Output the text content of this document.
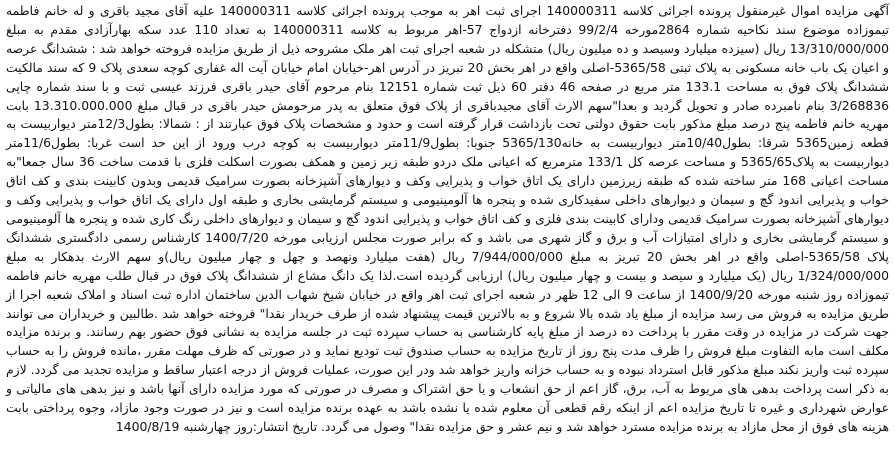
آگهی مزایده اموال غیرمنقول پرونده اجرائی کلاسه 140000311 اجرای ثبت اهر به موجب پرونده اجرائی کلاسه 140000311 علیه آقای مجید باقری و له خانم فاطمه تیموزاده موضوع سند نکاحیه شماره 2864مورخه 99/2/4 دفترخانه ازدواج 57-اهر مربوط به کلاسه 140000311 به تعداد 110 عدد سکه بهارآزادی مقدم به مبلغ 13/310/000/000 ریال (سیزده میلیارد وسیصد و ده میلیون ریال) متشکله در شعبه اجرای ثبت اهر ملک مشروحه ذیل از طریق مزایده فروخته خواهد شد : ششدانگ عرصه و اعیان یک باب خانه مسکونی به پلاک ثبتی 5365/58-اصلی واقع در اهر بخش 20 تبریز در آدرس اهر-خیابان امام خیابان آیت اله غفاری کوچه سعدی پلاک 9 که سند مالکیت ششدانگ پلاک فوق به مساحت 133.1 متر مربع در صفحه 46 دفتر 60 ذیل ثبت شماره 12151 بنام مرحوم آقای حیدر باقری فرزند عیسی ثبت و با سند شماره چاپی 3/268836 بنام نامبرده صادر و تحویل گردید و بعدا"سهم الارث آقای مجیدباقری از پلاک فوق متعلق به پدر مرحومش حیدر باقری در قبال مبلغ 13.310.000.000 بابت مهریه خانم فاطمه پنج درصد مبلغ مذکور بابت حقوق دولتی تحت بازداشت قرار گرفته است و حدود و مشخصات پلاک فوق عبارتند از : شمالا: بطول12/3متر دیواربیست به قطعه زمین5365 شرقا: بطول10/40متر دیواربیست به خانه5365/130 جنوبا: بطول11/9متر دیواربیست به کوچه درب ورود از این حد است غربا: بطول11/6متر دیواربیست به پلاک5365/65 و مساحت عرصه کل 133/1 مترمربع که اعیانی ملک دردو طبقه زیر زمین و همکف بصورت اسکلت فلزی با قدمت ساخت 36 سال جمعا"به مساحت اعیانی 168 متر ساخته شده که طبقه زیرزمین دارای یک اتاق خواب و پذیرایی وکف و دیوارهای آشپزخانه بصورت سرامیک قدیمی وبدون کابینت بندی و کف اتاق خواب و پذیرایی اندود گچ و سیمان و دیوارهای داخلی سفیدکاری شده و پنجره ها آلومینیومی و سیستم گرمایشی بخاری و طبقه اول دارای یک اتاق خواب و پذیرایی وکف و دیوارهای آشپزخانه بصورت سرامیک قدیمی ودارای کابینت بندی فلزی و کف اتاق خواب و پذیرایی اندود گچ و سیمان و دیوارهای داخلی رنگ کاری شده و پنجره ها آلومینیومی و سیستم گرمایشی بخاری و دارای امتیازات آب و برق و گاز شهری می باشد و که برابر صورت مجلس ارزیابی مورخه 1400/7/20 کارشناس رسمی دادگستری ششدانگ پلاک 5365/58-اصلی واقع در اهر بخش 20 تبریز به مبلغ 7/944/000/000 ریال (هفت میلیارد ونهصد و چهل و چهار میلیون ریال)و سهم الارث بدهکار به مبلغ 1/324/000/000 ریال (یک میلیارد و سیصد و بیست و چهار میلیون ریال) ارزیابی گردیده است.لذا یک دانگ مشاع از ششدانگ پلاک فوق در قبال طلب مهریه خانم فاطمه تیموزاده روز شنبه مورخه 1400/9/20 از ساعت 9 الی 12 ظهر در شعبه اجرای ثبت اهر واقع در خیابان شیخ شهاب الدین ساختمان اداره ثبت اسناد و املاک شعبه اجرا از طریق مزایده به فروش می رسد مزایده از مبلغ یاد شده بالا شروع و به بالاترین قیمت پیشنهاد شده از طرف خریدار نقدا" فروخته خواهد شد .طالبین و خریداران می توانند جهت شرکت در مزایده در وقت مقرر با پرداخت ده درصد از مبلغ پایه کارشناسی به حساب سپرده ثبت در جلسه مزایده به نشانی فوق حضور بهم رسانند. و برنده مزایده مکلف است مابه التفاوت مبلغ فروش را ظرف مدت پنج روز از تاریخ مزایده به حساب صندوق ثبت تودیع نماید و در صورتی که ظرف مهلت مقرر ،مانده فروش را به حساب سپرده ثبت واریز نکند مبلغ مذکور قابل استرداد نبوده و به حساب خزانه واریز خواهد شد ودر این صورت، عملیات فروش از درجه اعتبار ساقط و مزایده تجدید می گردد. لازم به ذکر است پرداخت بدهی های مربوط به آب، برق، گاز اعم از حق انشعاب و یا حق اشتراک و مصرف در صورتی که مورد مزایده دارای آنها باشد و نیز بدهی های مالیاتی و عوارض شهرداری و غیره تا تاریخ مزایده اعم از اینکه رقم قطعی آن معلوم شده یا نشده باشد به عهده برنده مزایده است و نیز در صورت وجود مازاد، وجوه پرداختی بابت هزینه های فوق از محل مازاد به برنده مزایده مسترد خواهد شد و نیم عشر و حق مزایده نقدا" وصول می گردد. تاریخ انتشار:روز چهارشنبه 1400/8/19
